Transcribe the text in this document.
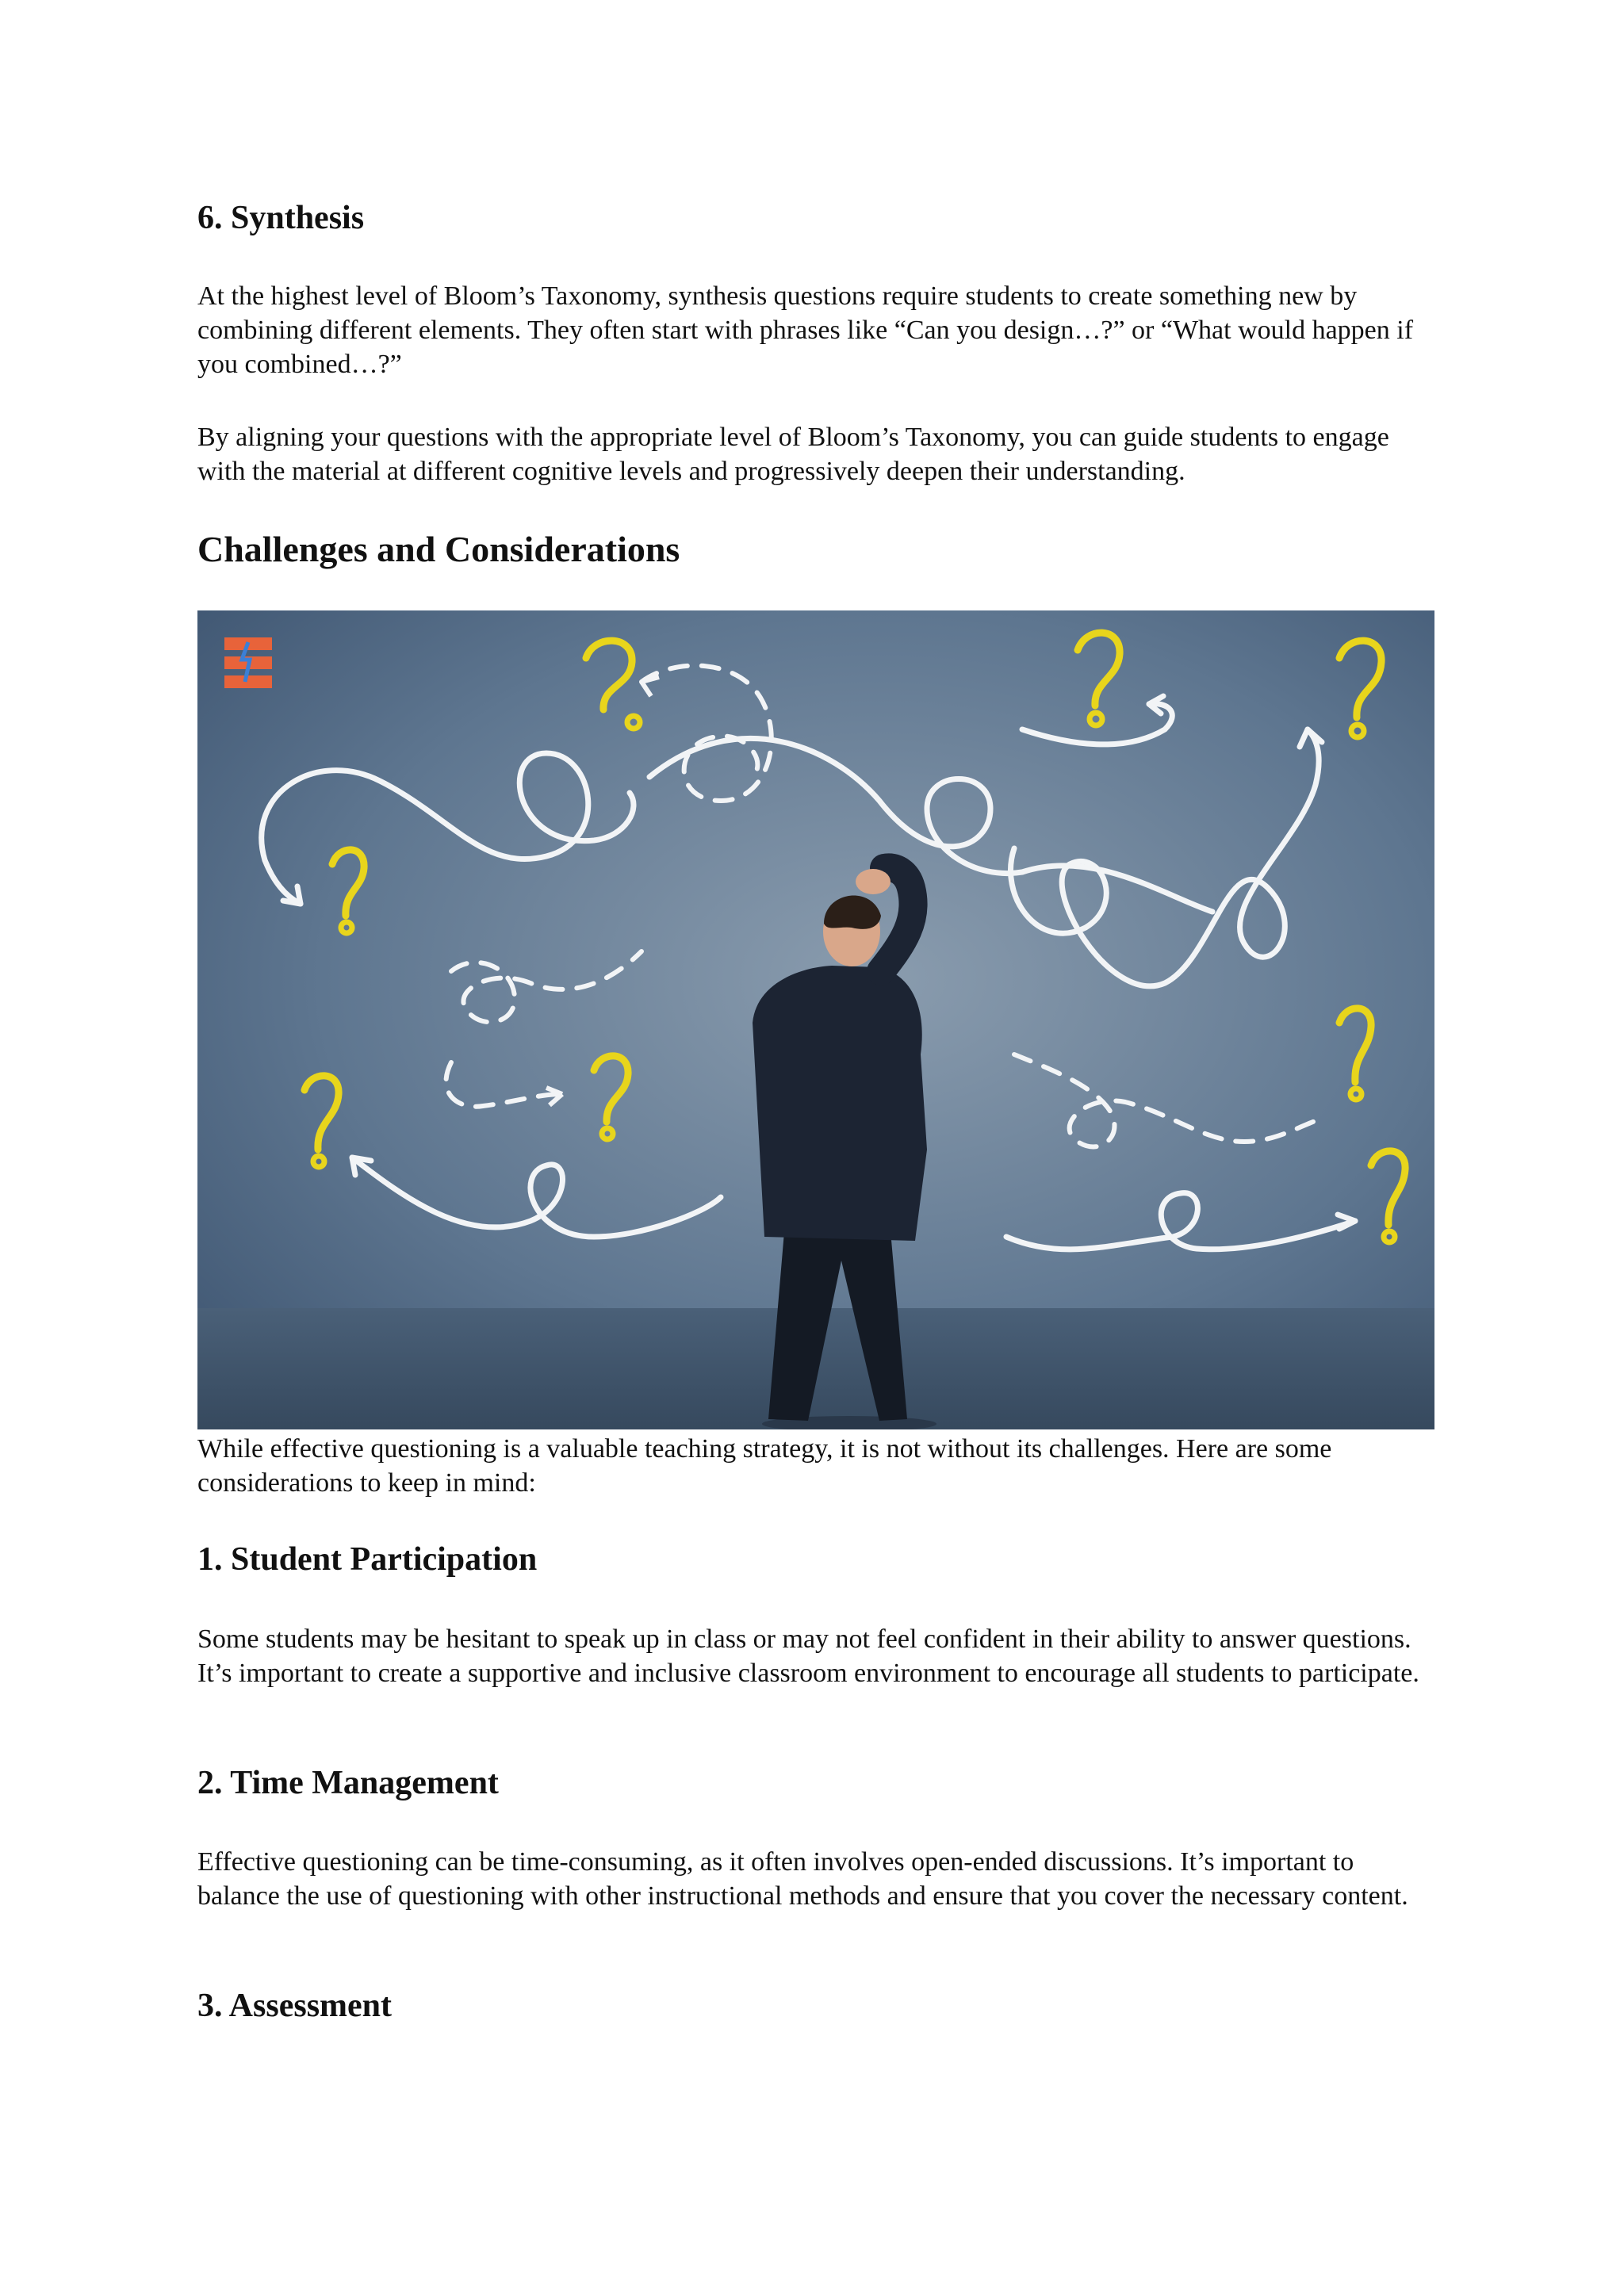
6. Synthesis

At the highest level of Bloom’s Taxonomy, synthesis questions require students to create something new by combining different elements. They often start with phrases like “Can you design…?” or “What would happen if you combined…?”

By aligning your questions with the appropriate level of Bloom’s Taxonomy, you can guide students to engage with the material at different cognitive levels and progressively deepen their understanding.

Challenges and Considerations

While effective questioning is a valuable teaching strategy, it is not without its challenges. Here are some considerations to keep in mind:

1. Student Participation

Some students may be hesitant to speak up in class or may not feel confident in their ability to answer questions. It’s important to create a supportive and inclusive classroom environment to encourage all students to participate.

2. Time Management

Effective questioning can be time-consuming, as it often involves open-ended discussions. It’s important to balance the use of questioning with other instructional methods and ensure that you cover the necessary content.

3. Assessment
